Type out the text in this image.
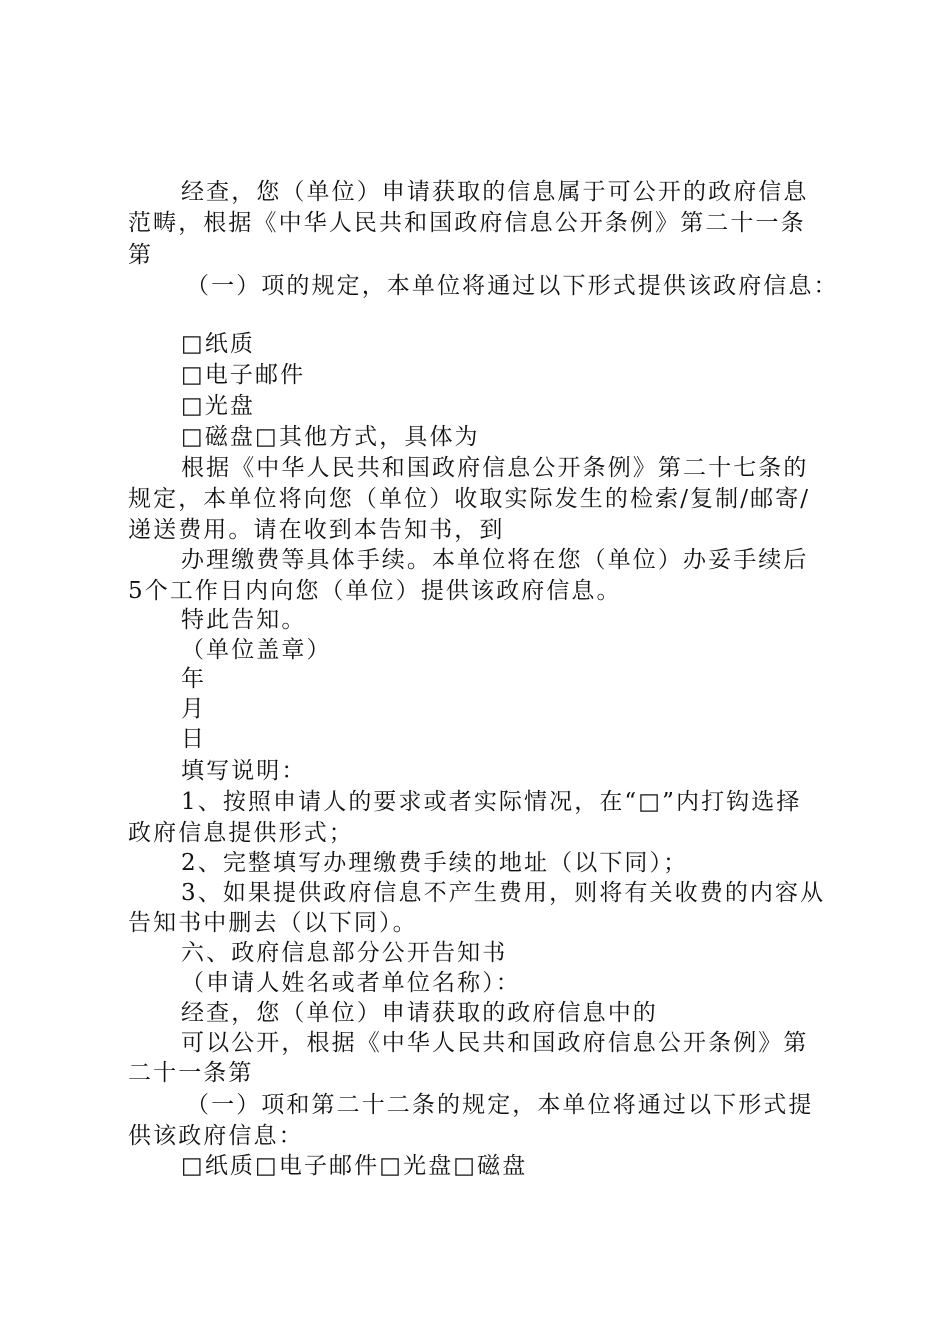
经查，您（单位）申请获取的信息属于可公开的政府信息
范畴，根据《中华人民共和国政府信息公开条例》第二十一条
第
（一）项的规定，本单位将通过以下形式提供该政府信息：
□纸质
□电子邮件
□光盘
□磁盘□其他方式，具体为
根据《中华人民共和国政府信息公开条例》第二十七条的
规定，本单位将向您（单位）收取实际发生的检索/复制/邮寄/
递送费用。请在收到本告知书，到
办理缴费等具体手续。本单位将在您（单位）办妥手续后
5个工作日内向您（单位）提供该政府信息。
特此告知。
（单位盖章）
年
月
日
填写说明：
1、按照申请人的要求或者实际情况，在“□”内打钩选择
政府信息提供形式；
2、完整填写办理缴费手续的地址（以下同）；
3、如果提供政府信息不产生费用，则将有关收费的内容从
告知书中删去（以下同）。
六、政府信息部分公开告知书
（申请人姓名或者单位名称）：
经查，您（单位）申请获取的政府信息中的
可以公开，根据《中华人民共和国政府信息公开条例》第
二十一条第
（一）项和第二十二条的规定，本单位将通过以下形式提
供该政府信息：
□纸质□电子邮件□光盘□磁盘
